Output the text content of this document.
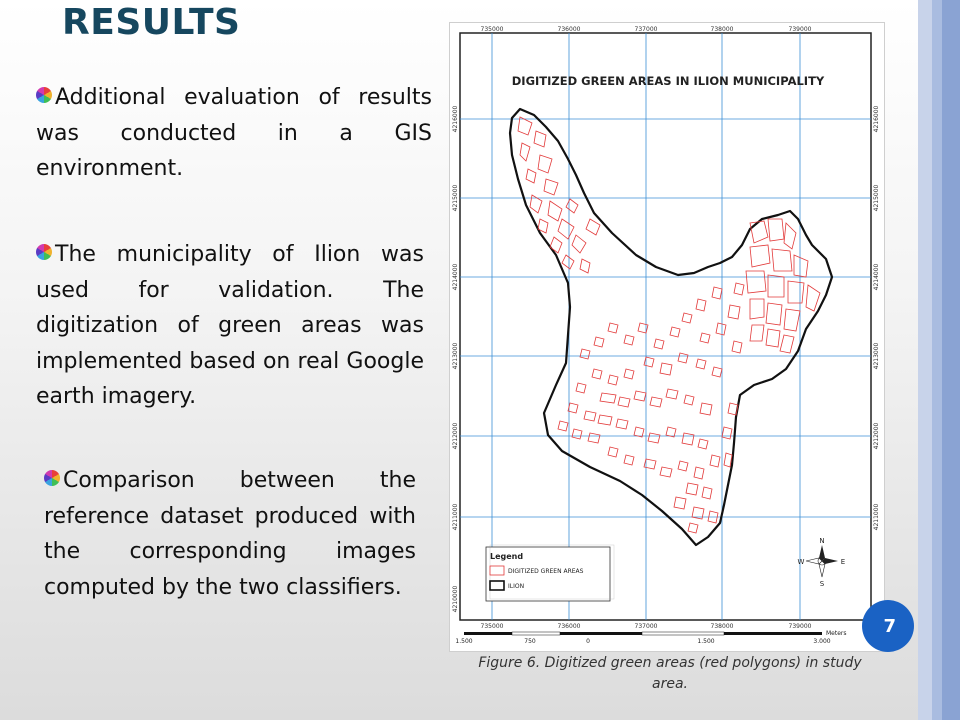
RESULTS
Additional evaluation of results was conducted in a GIS environment.
The municipality of Ilion was used for validation. The digitization of green areas was implemented based on real Google earth imagery.
Comparison between the reference dataset produced with the corresponding images computed by the two classifiers.
735000	736000	737000	738000	739000
735000	736000	737000	738000	739000
4216000
4215000
4214000
4213000
4212000
4211000
4210000
4216000
4215000
4214000
4213000
4212000
4211000
DIGITIZED GREEN AREAS IN ILION MUNICIPALITY
N
S
E
W
Legend
DIGITIZED GREEN AREAS
ILION
Meters
1.500	750	0	1.500	3.000
7
Figure 6. Digitized green areas (red polygons) in study area.
